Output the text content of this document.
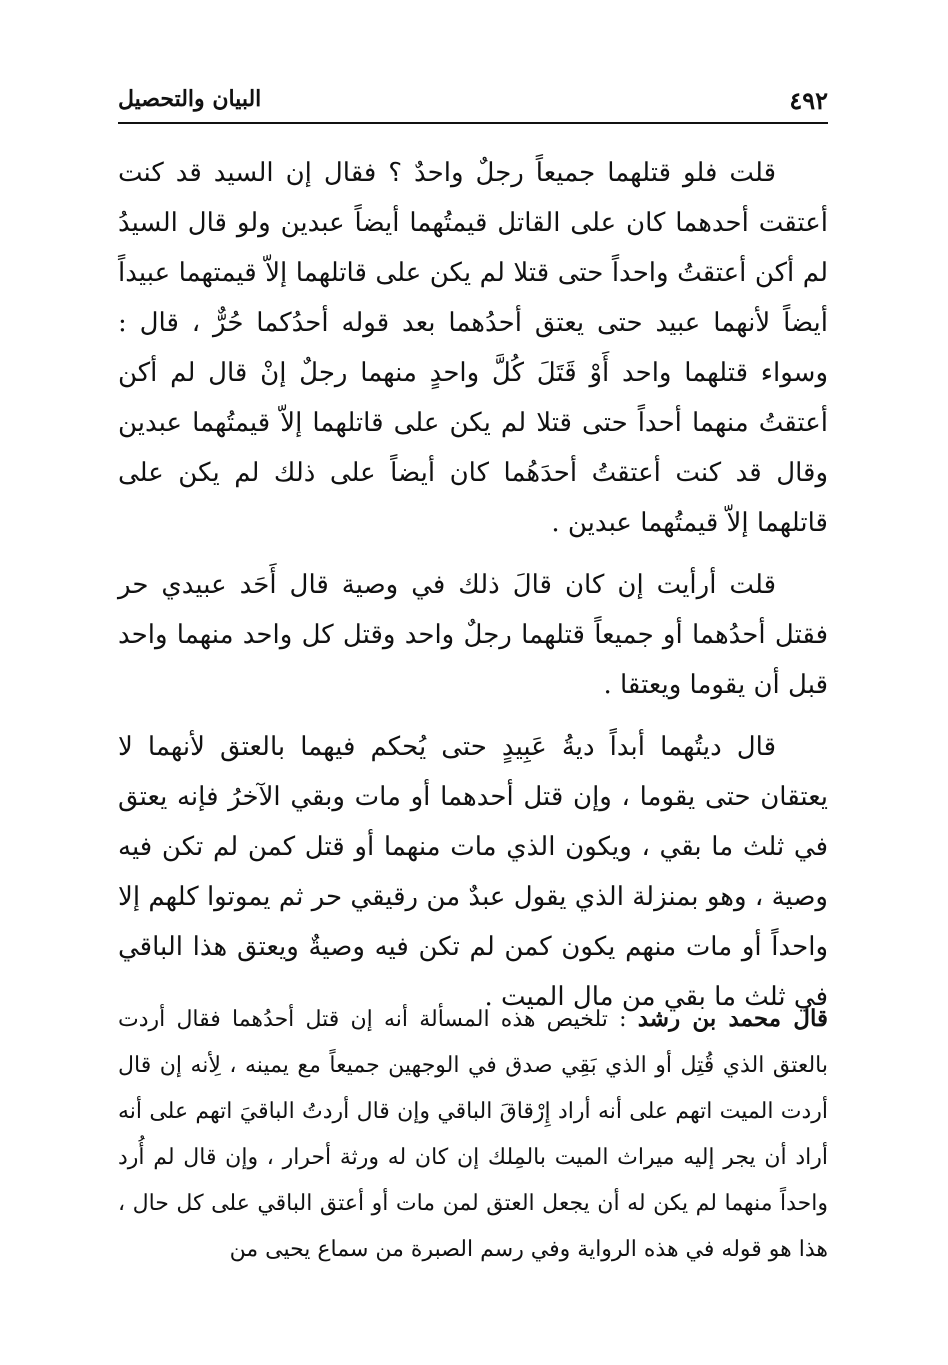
٤٩٢
البيان والتحصيل

قلت فلو قتلهما جميعاً رجلٌ واحدٌ ؟ فقال إن السيد قد كنت أعتقت أحدهما كان على القاتل قيمتُهما أيضاً عبدين ولو قال السيدُ لم أكن أعتقتُ واحداً حتى قتلا لم يكن على قاتلهما إلاّ قيمتهما عبيداً أيضاً لأنهما عبيد حتى يعتق أحدُهما بعد قوله أحدُكما حُرٌّ ، قال : وسواء قتلهما واحد أَوْ قَتَلَ كُلَّ واحدٍ منهما رجلٌ إنْ قال لم أكن أعتقتُ منهما أحداً حتى قتلا لم يكن على قاتلهما إلاّ قيمتُهما عبدين وقال قد كنت أعتقتُ أحدَهُما كان أيضاً على ذلك لم يكن على قاتلهما إلاّ قيمتُهما عبدين .

قلت أرأيت إن كان قالَ ذلك في وصية قال أَحَد عبيدي حر فقتل أحدُهما أو جميعاً قتلهما رجلٌ واحد وقتل كل واحد منهما واحد قبل أن يقوما ويعتقا .

قال ديتُهما أبداً ديةُ عَبِيدٍ حتى يُحكم فيهما بالعتق لأنهما لا يعتقان حتى يقوما ، وإن قتل أحدهما أو مات وبقي الآخرُ فإنه يعتق في ثلث ما بقي ، ويكون الذي مات منهما أو قتل كمن لم تكن فيه وصية ، وهو بمنزلة الذي يقول عبدٌ من رقيقي حر ثم يموتوا كلهم إلا واحداً أو مات منهم يكون كمن لم تكن فيه وصيةٌ ويعتق هذا الباقي في ثلث ما بقي من مال الميت .

قال محمد بن رشد : تلخيص هذه المسألة أنه إن قتل أحدُهما فقال أردت بالعتق الذي قُتِل أو الذي بَقِي صدق في الوجهين جميعاً مع يمينه ، لِأنه إن قال أردت الميت اتهم على أنه أراد إِرْقاقَ الباقي وإن قال أردتُ الباقيَ اتهم على أنه أراد أن يجر إليه ميراث الميت بالمِلك إن كان له ورثة أحرار ، وإن قال لم أُرد واحداً منهما لم يكن له أن يجعل العتق لمن مات أو أعتق الباقي على كل حال ، هذا هو قوله في هذه الرواية وفي رسم الصبرة من سماع يحيى من
